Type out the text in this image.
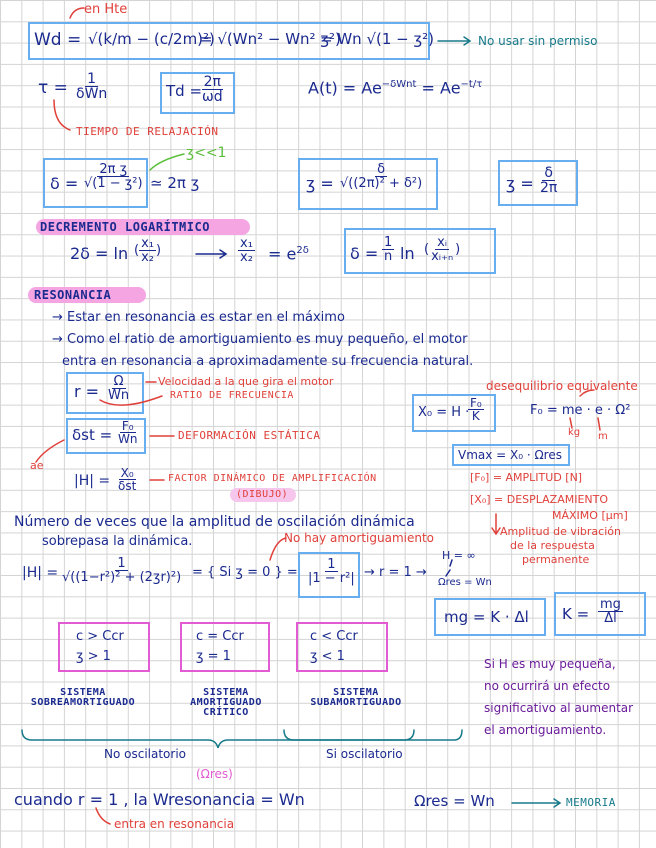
en Hte
Wd = √(k/m − (c/2m)²)
= √(Wn² − Wn² ʒ²)
= Wn √(1 − ʒ²)	No usar sin permiso
$\tau = \frac{1}{\text{δWn}}$	Td =
$\frac{2\pi}{\omega d}$	$A(t) = Ae^{-\delta Wnt} = Ae^{-t/\tau}$
TIEMPO DE RELAJACIÓN
ʒ<<1
$\delta = \frac{\text{2π ʒ}}{\text{√(1 − ʒ²)}}$ ≃ 2π ʒ	ʒ = $\frac{\delta}{\text{√((2π)² + δ²)}}$	ʒ = $\frac{\delta}{2\pi}$
DECREMENTO LOGARÍTMICO
2δ = ln ( $\frac{\text{x₁}}{\text{x₂}}$ )	$\frac{\text{x₁}}{\text{x₂}} = e^{2\delta}$	$\delta = \frac{1}{n}$ ln ( $\frac{\text{xᵢ}}{\text{xᵢ₊ₙ}}$ )
RESONANCIA
→ Estar en resonancia es estar en el máximo
→ Como el ratio de amortiguamiento es muy pequeño, el motor
entra en resonancia a aproximadamente su frecuencia natural.
$r = \frac{\Omega}{Wn}$ Velocidad a la que gira el motor
RATIO DE FRECUENCIA
desequilibrio equivalente
X₀ = H ·
$\frac{\text{F₀}}{K}$	F₀ = me · e · Ω²
kg m
$\delta st = \frac{\text{F₀}}{Wn}$	DEFORMACIÓN ESTÁTICA
ae
Vmax = X₀ · Ωres
$|H| = \frac{\text{X₀}}{\text{δst}}$	FACTOR DINÁMICO DE AMPLIFICACIÓN
(DIBUJO)
[F₀] = AMPLITUD [N]
[X₀] = DESPLAZAMIENTO
MÁXIMO [μm]
Amplitud de vibración
de la respuesta
permanente
Número de veces que la amplitud de oscilación dinámica
sobrepasa la dinámica.	No hay amortiguamiento
$|H| = \frac{1}{\text{√((1−r²)² + (2ʒr)²)}}$ = { Si ʒ = 0 } = $\frac{1}{\text{|1 − r²|}} \to r = 1$ →
H = ∞
Ωres = Wn
mg = K · Δl $K = \frac{mg}{\Delta l}$
c > Ccr
ʒ > 1
SISTEMA SOBREAMORTIGUADO
c = Ccr
ʒ = 1
SISTEMA AMORTIGUADO CRÍTICO
c < Ccr
ʒ < 1
SISTEMA SUBAMORTIGUADO
No oscilatorio	Si oscilatorio
Si H es muy pequeña,
no ocurrirá un efecto
significativo al aumentar
el amortiguamiento.
(Ωres)
cuando r = 1 , la Wresonancia = Wn
entra en resonancia
Ωres = Wn	MEMORIA
